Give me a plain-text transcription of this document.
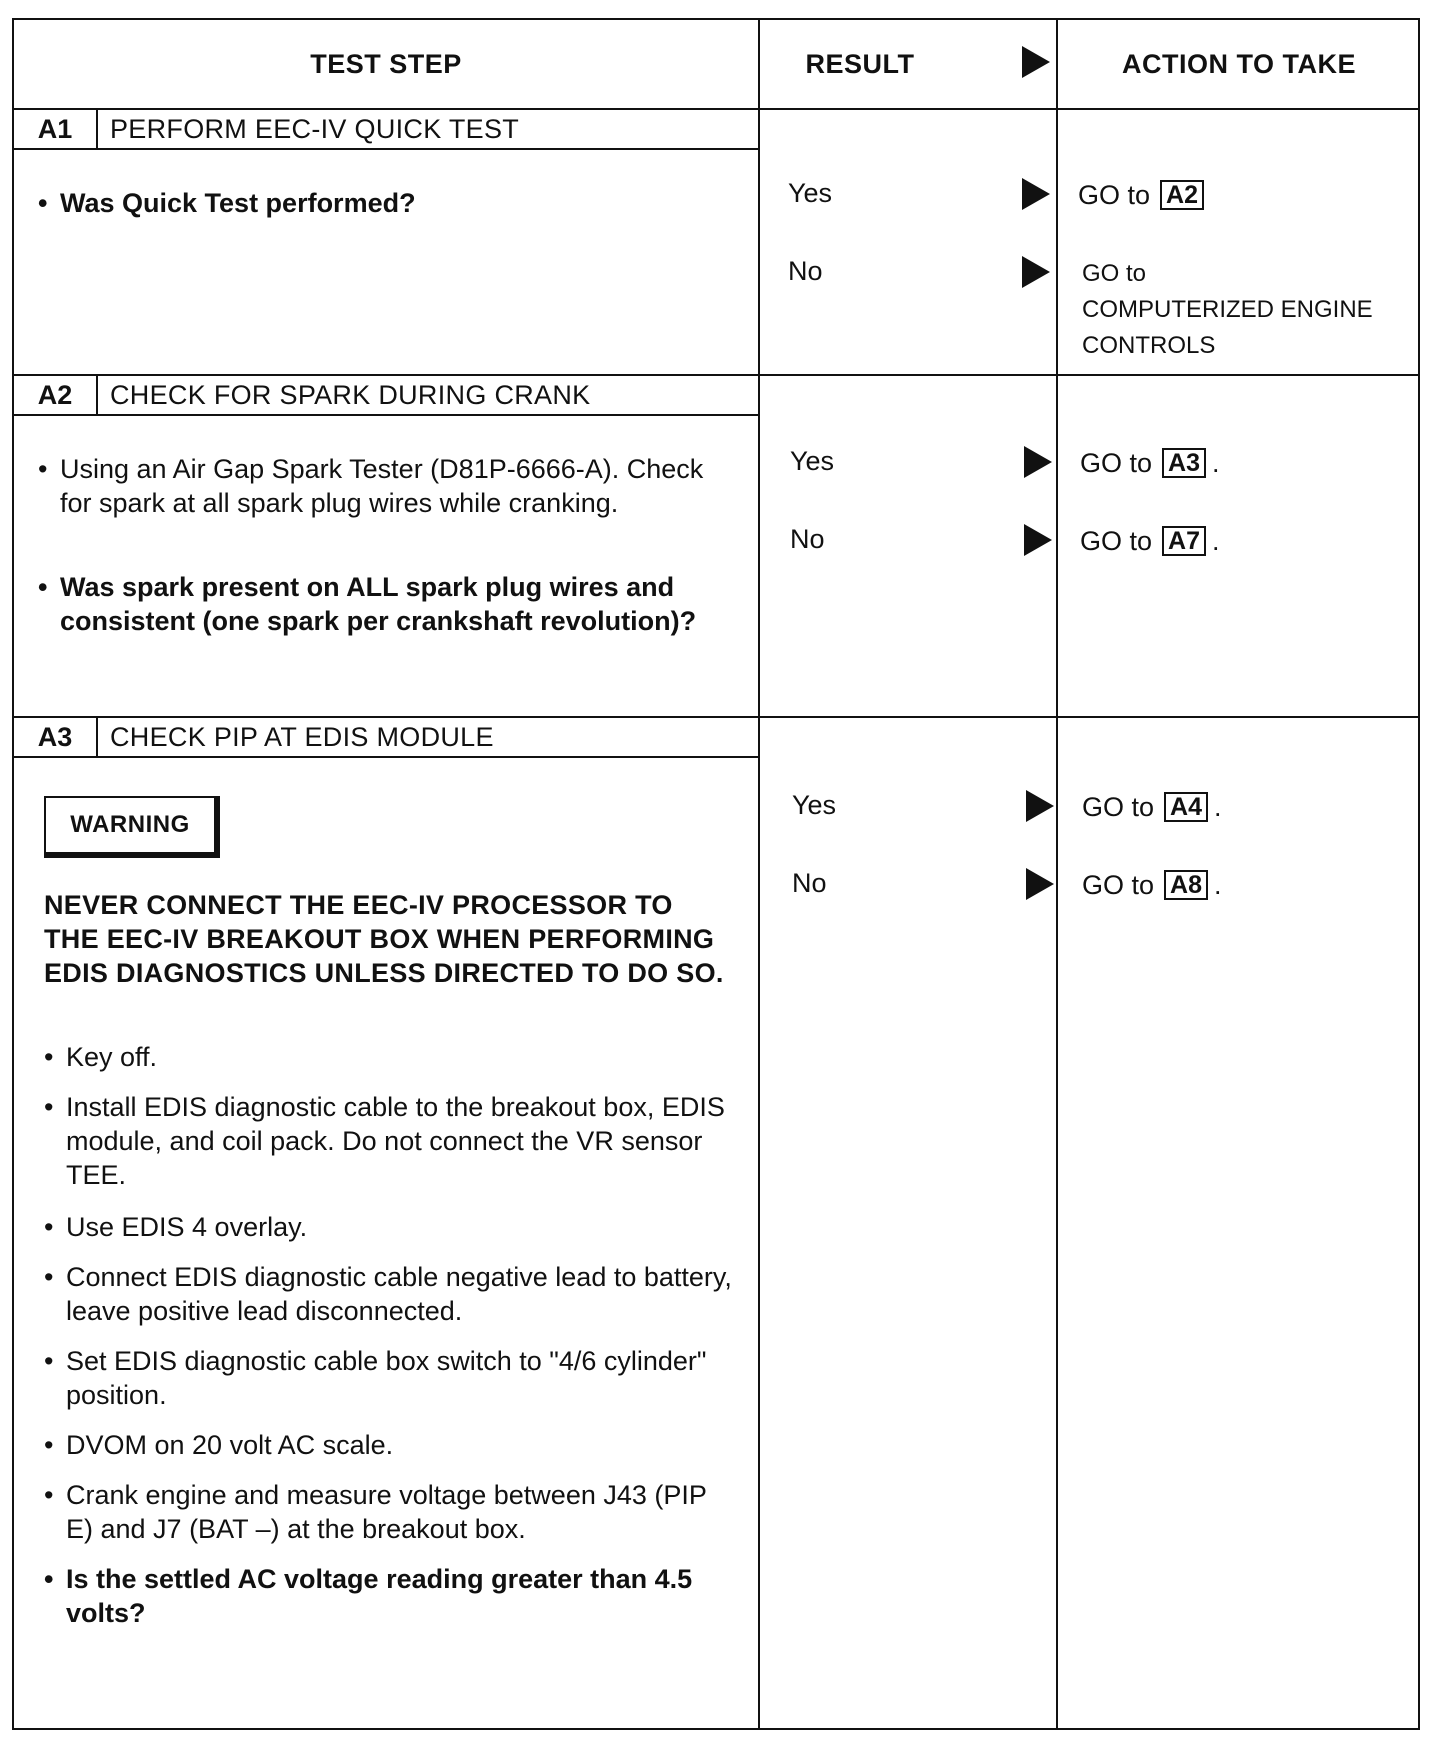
TEST STEP	RESULT	ACTION TO TAKE
A1	PERFORM EEC-IV QUICK TEST
• Was Quick Test performed?	Yes	GO to A2
No	GO to
COMPUTERIZED ENGINE
CONTROLS
A2	CHECK FOR SPARK DURING CRANK
• Using an Air Gap Spark Tester (D81P-6666-A). Check for spark at all spark plug wires while cranking.
• Was spark present on ALL spark plug wires and consistent (one spark per crankshaft revolution)?
Yes	GO to A3 .
No	GO to A7 .
A3	CHECK PIP AT EDIS MODULE
WARNING
NEVER CONNECT THE EEC-IV PROCESSOR TO THE EEC-IV BREAKOUT BOX WHEN PERFORMING EDIS DIAGNOSTICS UNLESS DIRECTED TO DO SO.
• Key off.
• Install EDIS diagnostic cable to the breakout box, EDIS module, and coil pack. Do not connect the VR sensor TEE.
• Use EDIS 4 overlay.
• Connect EDIS diagnostic cable negative lead to battery, leave positive lead disconnected.
• Set EDIS diagnostic cable box switch to "4/6 cylinder" position.
• DVOM on 20 volt AC scale.
• Crank engine and measure voltage between J43 (PIP E) and J7 (BAT –) at the breakout box.
• Is the settled AC voltage reading greater than 4.5 volts?
Yes	GO to A4 .
No	GO to A8 .
